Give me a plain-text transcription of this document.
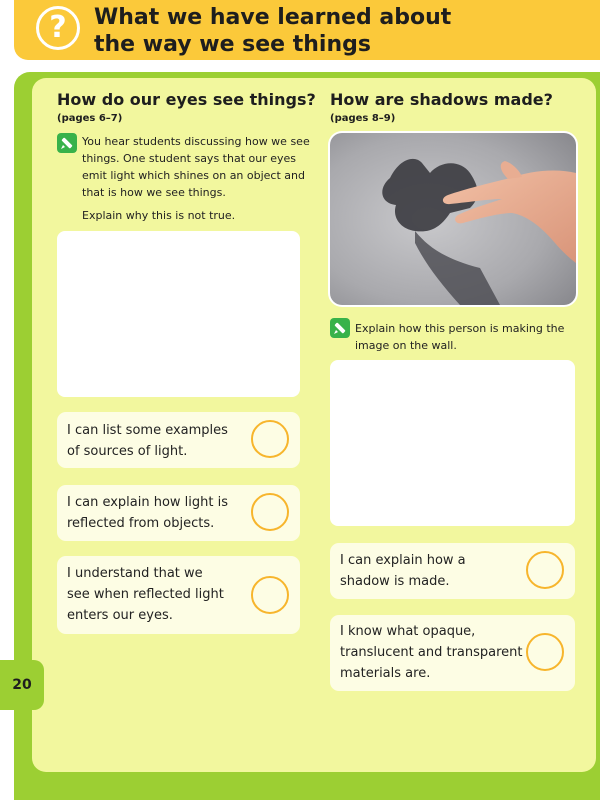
?	What we have learned about
the way we see things
20
How do our eyes see things?

(pages 6–7)

You hear students discussing how we see
things. One student says that our eyes
emit light which shines on an object and
that is how we see things.

Explain why this is not true.

I can list some examples
of sources of light.

I can explain how light is
reflected from objects.

I understand that we
see when reflected light
enters our eyes.

How are shadows made?

(pages 8–9)

Explain how this person is making the
image on the wall.

I can explain how a
shadow is made.

I know what opaque,
translucent and transparent
materials are.
